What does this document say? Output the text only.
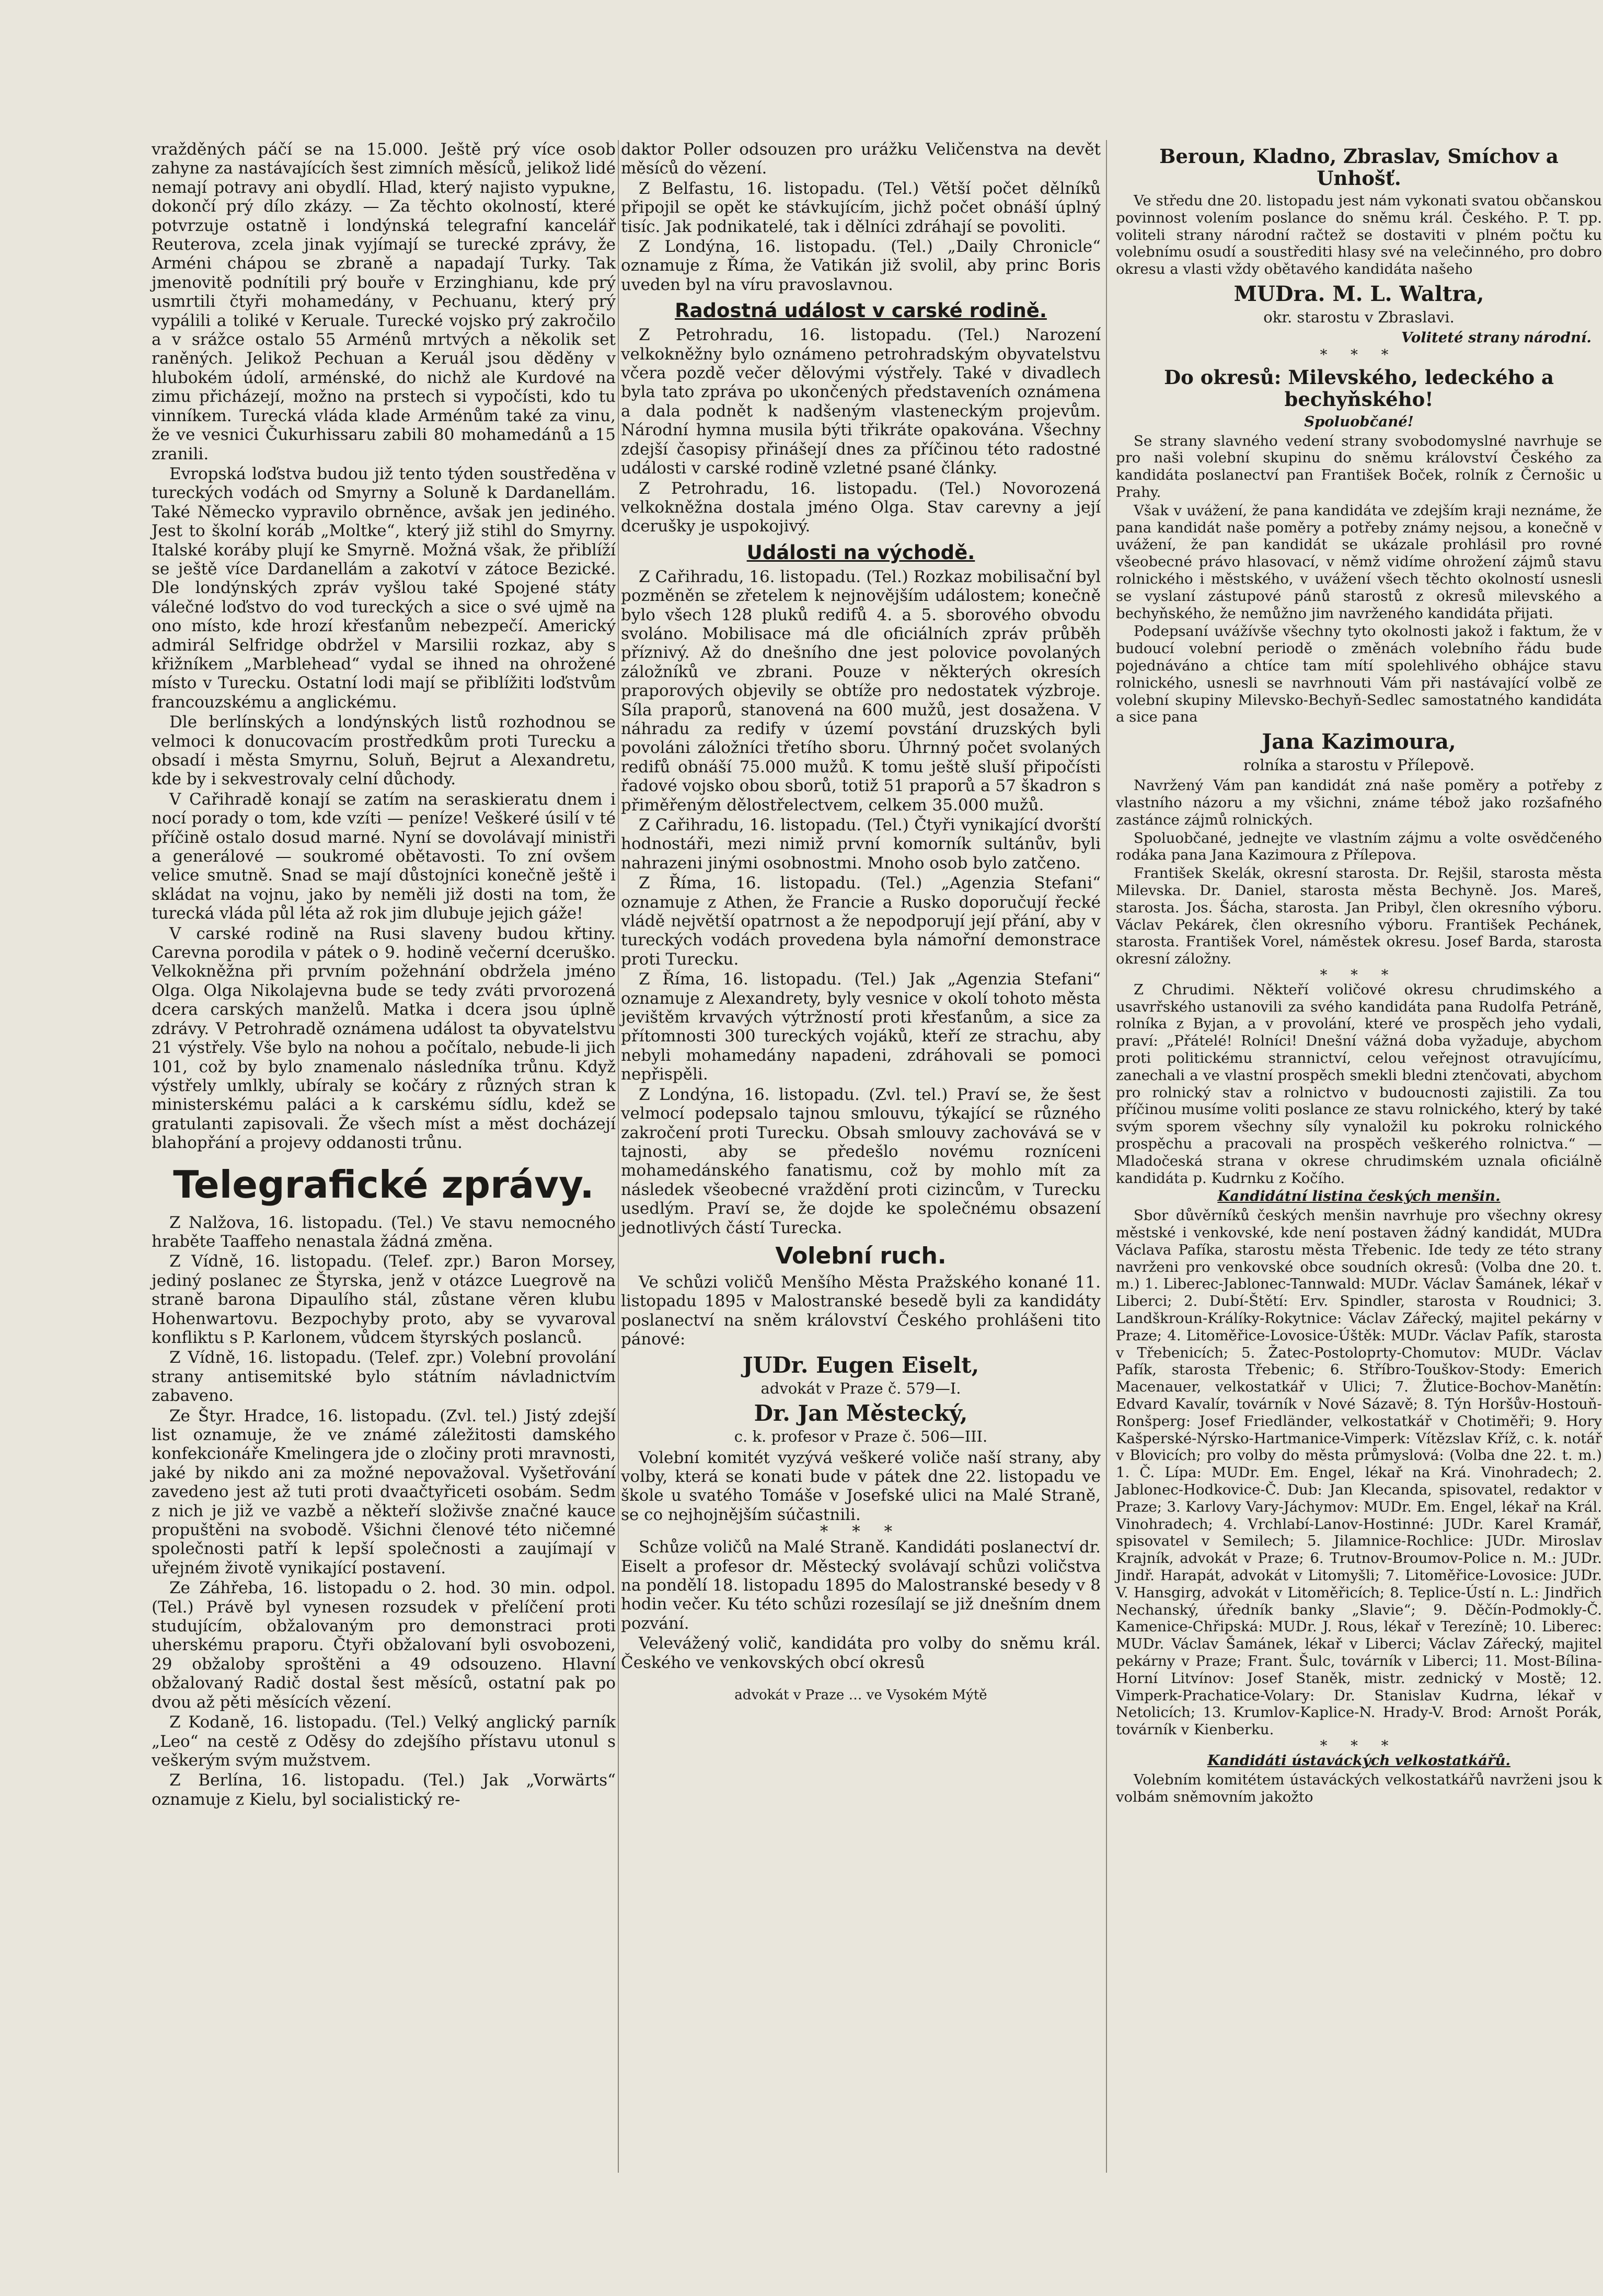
vražděných páčí se na 15.000. Ještě prý více osob zahyne za nastávajících šest zimních měsíců, jelikož lidé nemají potravy ani obydlí. Hlad, který najisto vypukne, dokončí prý dílo zkázy. — Za těchto okolností, které potvrzuje ostatně i londýnská telegrafní kancelář Reuterova, zcela jinak vyjímají se turecké zprávy, že Arméni chápou se zbraně a napadají Turky. Tak jmenovitě podnítili prý bouře v Erzinghianu, kde prý usmrtili čtyři mohamedány, v Pechuanu, který prý vypálili a toliké v Keruale. Turecké vojsko prý zakročilo a v srážce ostalo 55 Arménů mrtvých a několik set raněných. Jelikož Pechuan a Keruál jsou děděny v hlubokém údolí, arménské, do nichž ale Kurdové na zimu přicházejí, možno na prstech si vypočísti, kdo tu vinníkem. Turecká vláda klade Arménům také za vinu, že ve vesnici Čukurhissaru zabili 80 mohamedánů a 15 zranili.

Evropská loďstva budou již tento týden soustředěna v tureckých vodách od Smyrny a Soluně k Dardanellám. Také Německo vypravilo obrněnce, avšak jen jediného. Jest to školní koráb „Moltke“, který již stihl do Smyrny. Italské koráby plují ke Smyrně. Možná však, že přiblíží se ještě více Dardanellám a zakotví v zátoce Bezické. Dle londýnských zpráv vyšlou také Spojené státy válečné loďstvo do vod tureckých a sice o své ujmě na ono místo, kde hrozí křesťanům nebezpečí. Americký admirál Selfridge obdržel v Marsilii rozkaz, aby s křižníkem „Marblehead“ vydal se ihned na ohrožené místo v Turecku. Ostatní lodi mají se přiblížiti loďstvům francouzskému a anglickému.

Dle berlínských a londýnských listů rozhodnou se velmoci k donucovacím prostředkům proti Turecku a obsadí i města Smyrnu, Soluň, Bejrut a Alexandretu, kde by i sekvestrovaly celní důchody.

V Cařihradě konají se zatím na seraskieratu dnem i nocí porady o tom, kde vzíti — peníze! Veškeré úsilí v té příčině ostalo dosud marné. Nyní se dovolávají ministři a generálové — soukromé obětavosti. To zní ovšem velice smutně. Snad se mají důstojníci konečně ještě i skládat na vojnu, jako by neměli již dosti na tom, že turecká vláda půl léta až rok jim dlubuje jejich gáže!

V carské rodině na Rusi slaveny budou křtiny. Carevna porodila v pátek o 9. hodině večerní dceruško. Velkokněžna při prvním požehnání obdržela jméno Olga. Olga Nikolajevna bude se tedy zváti prvorozená dcera carských manželů. Matka i dcera jsou úplně zdrávy. V Petrohradě oznámena událost ta obyvatelstvu 21 výstřely. Vše bylo na nohou a počítalo, nebude-li jich 101, což by bylo znamenalo následníka trůnu. Když výstřely umlkly, ubíraly se kočáry z různých stran k ministerskému paláci a k carskému sídlu, kdež se gratulanti zapisovali. Že všech míst a měst docházejí blahopřání a projevy oddanosti trůnu.

Telegrafické zprávy.

Z Nalžova, 16. listopadu. (Tel.) Ve stavu nemocného hraběte Taaffeho nenastala žádná změna.

Z Vídně, 16. listopadu. (Telef. zpr.) Baron Morsey, jediný poslanec ze Štyrska, jenž v otázce Luegrově na straně barona Dipaulího stál, zůstane věren klubu Hohenwartovu. Bezpochyby proto, aby se vyvaroval konfliktu s P. Karlonem, vůdcem štyrských poslanců.

Z Vídně, 16. listopadu. (Telef. zpr.) Volební provolání strany antisemitské bylo státním návladnictvím zabaveno.

Ze Štyr. Hradce, 16. listopadu. (Zvl. tel.) Jistý zdejší list oznamuje, že ve známé záležitosti damského konfekcionáře Kmelingera jde o zločiny proti mravnosti, jaké by nikdo ani za možné nepovažoval. Vyšetřování zavedeno jest až tuti proti dvaačtyřiceti osobám. Sedm z nich je již ve vazbě a někteří složivše značné kauce propuštěni na svobodě. Všichni členové této ničemné společnosti patří k lepší společnosti a zaujímají v uřejném životě vynikající postavení.

Ze Záhřeba, 16. listopadu o 2. hod. 30 min. odpol. (Tel.) Právě byl vynesen rozsudek v přelíčení proti studujícím, obžalovaným pro demonstraci proti uherskému praporu. Čtyři obžalovaní byli osvobozeni, 29 obžaloby sproštěni a 49 odsouzeno. Hlavní obžalovaný Radič dostal šest měsíců, ostatní pak po dvou až pěti měsících vězení.

Z Kodaně, 16. listopadu. (Tel.) Velký anglický parník „Leo“ na cestě z Oděsy do zdejšího přístavu utonul s veškerým svým mužstvem.

Z Berlína, 16. listopadu. (Tel.) Jak „Vorwärts“ oznamuje z Kielu, byl socialistický re-

daktor Poller odsouzen pro urážku Veličenstva na devět měsíců do vězení.

Z Belfastu, 16. listopadu. (Tel.) Větší počet dělníků připojil se opět ke stávkujícím, jichž počet obnáší úplný tisíc. Jak podnikatelé, tak i dělníci zdráhají se povoliti.

Z Londýna, 16. listopadu. (Tel.) „Daily Chronicle“ oznamuje z Říma, že Vatikán již svolil, aby princ Boris uveden byl na víru pravoslavnou.

Radostná událost v carské rodině.

Z Petrohradu, 16. listopadu. (Tel.) Narození velkokněžny bylo oznámeno petrohradským obyvatelstvu včera pozdě večer dělovými výstřely. Také v divadlech byla tato zpráva po ukončených představeních oznámena a dala podnět k nadšeným vlasteneckým projevům. Národní hymna musila býti třikráte opakována. Všechny zdejší časopisy přinášejí dnes za příčinou této radostné události v carské rodině vzletné psané články.

Z Petrohradu, 16. listopadu. (Tel.) Novorozená velkokněžna dostala jméno Olga. Stav carevny a její dcerušky je uspokojivý.

Události na východě.

Z Cařihradu, 16. listopadu. (Tel.) Rozkaz mobilisační byl pozměněn se zřetelem k nejnovějším událostem; konečně bylo všech 128 pluků redifů 4. a 5. sborového obvodu svoláno. Mobilisace má dle oficiálních zpráv průběh příznivý. Až do dnešního dne jest polovice povolaných záložníků ve zbrani. Pouze v některých okresích praporových objevily se obtíže pro nedostatek výzbroje. Síla praporů, stanovená na 600 mužů, jest dosažena. V náhradu za redify v území povstání druzských byli povoláni záložníci třetího sboru. Úhrnný počet svolaných redifů obnáší 75.000 mužů. K tomu ještě sluší připočísti řadové vojsko obou sborů, totiž 51 praporů a 57 škadron s přiměřeným dělostřelectvem, celkem 35.000 mužů.

Z Cařihradu, 16. listopadu. (Tel.) Čtyři vynikající dvorští hodnostáři, mezi nimiž první komorník sultánův, byli nahrazeni jinými osobnostmi. Mnoho osob bylo zatčeno.

Z Říma, 16. listopadu. (Tel.) „Agenzia Stefani“ oznamuje z Athen, že Francie a Rusko doporučují řecké vládě největší opatrnost a že nepodporují její přání, aby v tureckých vodách provedena byla námořní demonstrace proti Turecku.

Z Říma, 16. listopadu. (Tel.) Jak „Agenzia Stefani“ oznamuje z Alexandrety, byly vesnice v okolí tohoto města jevištěm krvavých výtržností proti křesťanům, a sice za přítomnosti 300 tureckých vojáků, kteří ze strachu, aby nebyli mohamedány napadeni, zdráhovali se pomoci nepřispěli.

Z Londýna, 16. listopadu. (Zvl. tel.) Praví se, že šest velmocí podepsalo tajnou smlouvu, týkající se různého zakročení proti Turecku. Obsah smlouvy zachovává se v tajnosti, aby se předešlo novému rozníceni mohamedánského fanatismu, což by mohlo mít za následek všeobecné vraždění proti cizincům, v Turecku usedlým. Praví se, že dojde ke společnému obsazení jednotlivých částí Turecka.

Volební ruch.

Ve schůzi voličů Menšího Města Pražského konané 11. listopadu 1895 v Malostranské besedě byli za kandidáty poslanectví na sněm království Českého prohlášeni tito pánové:

JUDr. Eugen Eiselt,
advokát v Praze č. 579—I.
Dr. Jan Městecký,
c. k. profesor v Praze č. 506—III.

Volební komitét vyzývá veškeré voliče naší strany, aby volby, která se konati bude v pátek dne 22. listopadu ve škole u svatého Tomáše v Josefské ulici na Malé Straně, se co nejhojnějším súčastnili.

* * *

Schůze voličů na Malé Straně. Kandidáti poslanectví dr. Eiselt a profesor dr. Městecký svolávají schůzi voličstva na pondělí 18. listopadu 1895 do Malostranské besedy v 8 hodin večer. Ku této schůzi rozesílají se již dnešním dnem pozvání.

Velevážený volič, kandidáta pro volby do sněmu král. Českého ve venkovských obcí okresů

advokát v Praze … ve Vysokém Mýtě

Beroun, Kladno, Zbraslav, Smíchov a Unhošť.

Ve středu dne 20. listopadu jest nám vykonati svatou občanskou povinnost volením poslance do sněmu král. Českého. P. T. pp. voliteli strany národní račtež se dostaviti v plném počtu ku volebnímu osudí a soustřediti hlasy své na velečinného, pro dobro okresu a vlasti vždy obětavého kandidáta našeho

MUDra. M. L. Waltra,
okr. starostu v Zbraslavi.
Voliteté strany národní.

* * *

Do okresů: Milevského, ledeckého a bechyňského!
Spoluobčané!

Se strany slavného vedení strany svobodomyslné navrhuje se pro naši volební skupinu do sněmu království Českého za kandidáta poslanectví pan František Boček, rolník z Černošic u Prahy.

Však v uvážení, že pana kandidáta ve zdejším kraji neznáme, že pana kandidát naše poměry a potřeby známy nejsou, a konečně v uvážení, že pan kandidát se ukázale prohlásil pro rovné všeobecné právo hlasovací, v němž vidíme ohrožení zájmů stavu rolnického i městského, v uvážení všech těchto okolností usnesli se vyslaní zástupové pánů starostů z okresů milevského a bechyňského, že nemůžno jim navrženého kandidáta přijati.

Podepsaní uvážívše všechny tyto okolnosti jakož i faktum, že v budoucí volební periodě o změnách volebního řádu bude pojednáváno a chtíce tam mítí spolehlivého obhájce stavu rolnického, usnesli se navrhnouti Vám při nastávající volbě ze volební skupiny Milevsko-Bechyň-Sedlec samostatného kandidáta a sice pana

Jana Kazimoura,
rolníka a starostu v Přílepově.

Navržený Vám pan kandidát zná naše poměry a potřeby z vlastního názoru a my všichni, známe tébož jako rozšafného zastánce zájmů rolnických.

Spoluobčané, jednejte ve vlastním zájmu a volte osvědčeného rodáka pana Jana Kazimoura z Přílepova.

František Skelák, okresní starosta. Dr. Rejšil, starosta města Milevska. Dr. Daniel, starosta města Bechyně. Jos. Mareš, starosta. Jos. Šácha, starosta. Jan Pribyl, člen okresního výboru. Václav Pekárek, člen okresního výboru. František Pechánek, starosta. František Vorel, náměstek okresu. Josef Barda, starosta okresní záložny.

* * *

Z Chrudimi. Někteří voličové okresu chrudimského a usavrřského ustanovili za svého kandidáta pana Rudolfa Petráně, rolníka z Byjan, a v provolání, které ve prospěch jeho vydali, praví: „Přátelé! Rolníci! Dnešní vážná doba vyžaduje, abychom proti politickému strannictví, celou veřejnost otravujícímu, zanechali a ve vlastní prospěch smekli bledni ztenčovati, abychom pro rolnický stav a rolnictvo v budoucnosti zajistili. Za tou příčinou musíme voliti poslance ze stavu rolnického, který by také svým sporem všechny síly vynaložil ku pokroku rolnického prospěchu a pracovali na prospěch veškerého rolnictva.“ — Mladočeská strana v okrese chrudimském uznala oficiálně kandidáta p. Kudrnku z Kočího.

Kandidátní listina českých menšin.

Sbor důvěrníků českých menšin navrhuje pro všechny okresy městské i venkovské, kde není postaven žádný kandidát, MUDra Václava Pafíka, starostu města Třebenic. Ide tedy ze této strany navrženi pro venkovské obce soudních okresů: (Volba dne 20. t. m.) 1. Liberec-Jablonec-Tannwald: MUDr. Václav Šamánek, lékař v Liberci; 2. Dubí-Štětí: Erv. Spindler, starosta v Roudnici; 3. Landškroun-Králíky-Rokytnice: Václav Zářecký, majitel pekárny v Praze; 4. Litoměřice-Lovosice-Úštěk: MUDr. Václav Pafík, starosta v Třebenicích; 5. Žatec-Postoloprty-Chomutov: MUDr. Václav Pafík, starosta Třebenic; 6. Stříbro-Touškov-Stody: Emerich Macenauer, velkostatkář v Ulici; 7. Žlutice-Bochov-Manětín: Edvard Kavalír, továrník v Nové Sázavě; 8. Týn Horšův-Hostouň-Ronšperg: Josef Friedländer, velkostatkář v Chotiměři; 9. Hory Kašperské-Nýrsko-Hartmanice-Vimperk: Vítězslav Kříž, c. k. notář v Blovicích; pro volby do města průmyslová: (Volba dne 22. t. m.) 1. Č. Lípa: MUDr. Em. Engel, lékař na Krá. Vinohradech; 2. Jablonec-Hodkovice-Č. Dub: Jan Klecanda, spisovatel, redaktor v Praze; 3. Karlovy Vary-Jáchymov: MUDr. Em. Engel, lékař na Král. Vinohradech; 4. Vrchlabí-Lanov-Hostinné: JUDr. Karel Kramář, spisovatel v Semilech; 5. Jilamnice-Rochlice: JUDr. Miroslav Krajník, advokát v Praze; 6. Trutnov-Broumov-Police n. M.: JUDr. Jindř. Harapát, advokát v Litomyšli; 7. Litoměřice-Lovosice: JUDr. V. Hansgirg, advokát v Litoměřicích; 8. Teplice-Ústí n. L.: Jindřich Nechanský, úředník banky „Slavie“; 9. Děčín-Podmokly-Č. Kamenice-Chřipská: MUDr. J. Rous, lékař v Terezíně; 10. Liberec: MUDr. Václav Šamánek, lékař v Liberci; Václav Zářecký, majitel pekárny v Praze; Frant. Šulc, továrník v Liberci; 11. Most-Bílina-Horní Litvínov: Josef Staněk, mistr. zednický v Mostě; 12. Vimperk-Prachatice-Volary: Dr. Stanislav Kudrna, lékař v Netolicích; 13. Krumlov-Kaplice-N. Hrady-V. Brod: Arnošt Porák, továrník v Kienberku.

* * *

Kandidáti ústaváckých velkostatkářů.

Volebním komitétem ústaváckých velkostatkářů navrženi jsou k volbám sněmovním jakožto
